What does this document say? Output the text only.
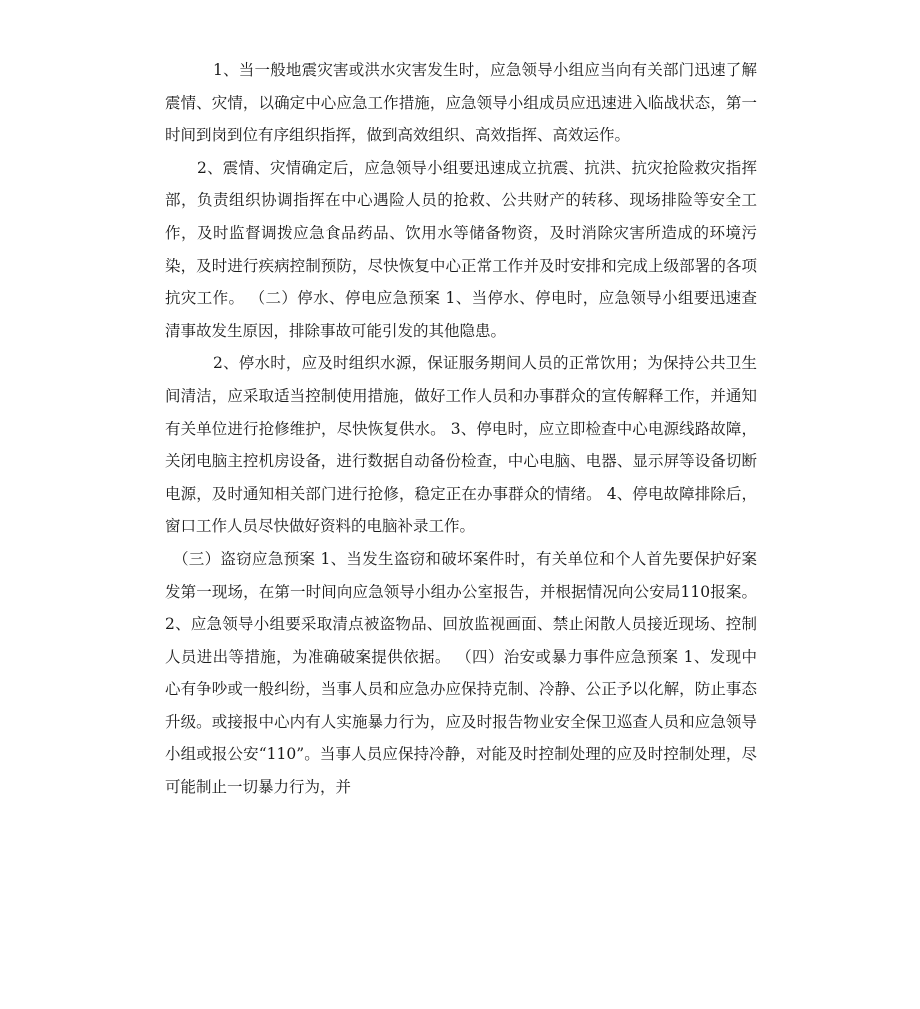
1、当一般地震灾害或洪水灾害发生时，应急领导小组应当向有关部门迅速了解震情、灾情，以确定中心应急工作措施，应急领导小组成员应迅速进入临战状态，第一时间到岗到位有序组织指挥，做到高效组织、高效指挥、高效运作。

2、震情、灾情确定后，应急领导小组要迅速成立抗震、抗洪、抗灾抢险救灾指挥部，负责组织协调指挥在中心遇险人员的抢救、公共财产的转移、现场排险等安全工作，及时监督调拨应急食品药品、饮用水等储备物资，及时消除灾害所造成的环境污染，及时进行疾病控制预防，尽快恢复中心正常工作并及时安排和完成上级部署的各项抗灾工作。 （二）停水、停电应急预案 1、当停水、停电时，应急领导小组要迅速查清事故发生原因，排除事故可能引发的其他隐患。

2、停水时，应及时组织水源，保证服务期间人员的正常饮用；为保持公共卫生间清洁，应采取适当控制使用措施，做好工作人员和办事群众的宣传解释工作，并通知有关单位进行抢修维护，尽快恢复供水。 3、停电时，应立即检查中心电源线路故障，关闭电脑主控机房设备，进行数据自动备份检查，中心电脑、电器、显示屏等设备切断电源，及时通知相关部门进行抢修，稳定正在办事群众的情绪。 4、停电故障排除后，窗口工作人员尽快做好资料的电脑补录工作。

（三）盗窃应急预案 1、当发生盗窃和破坏案件时，有关单位和个人首先要保护好案发第一现场，在第一时间向应急领导小组办公室报告，并根据情况向公安局110报案。 2、应急领导小组要采取清点被盗物品、回放监视画面、禁止闲散人员接近现场、控制人员进出等措施，为准确破案提供依据。 （四）治安或暴力事件应急预案 1、发现中心有争吵或一般纠纷，当事人员和应急办应保持克制、冷静、公正予以化解，防止事态升级。或接报中心内有人实施暴力行为，应及时报告物业安全保卫巡查人员和应急领导小组或报公安“110”。当事人员应保持冷静，对能及时控制处理的应及时控制处理，尽可能制止一切暴力行为，并
